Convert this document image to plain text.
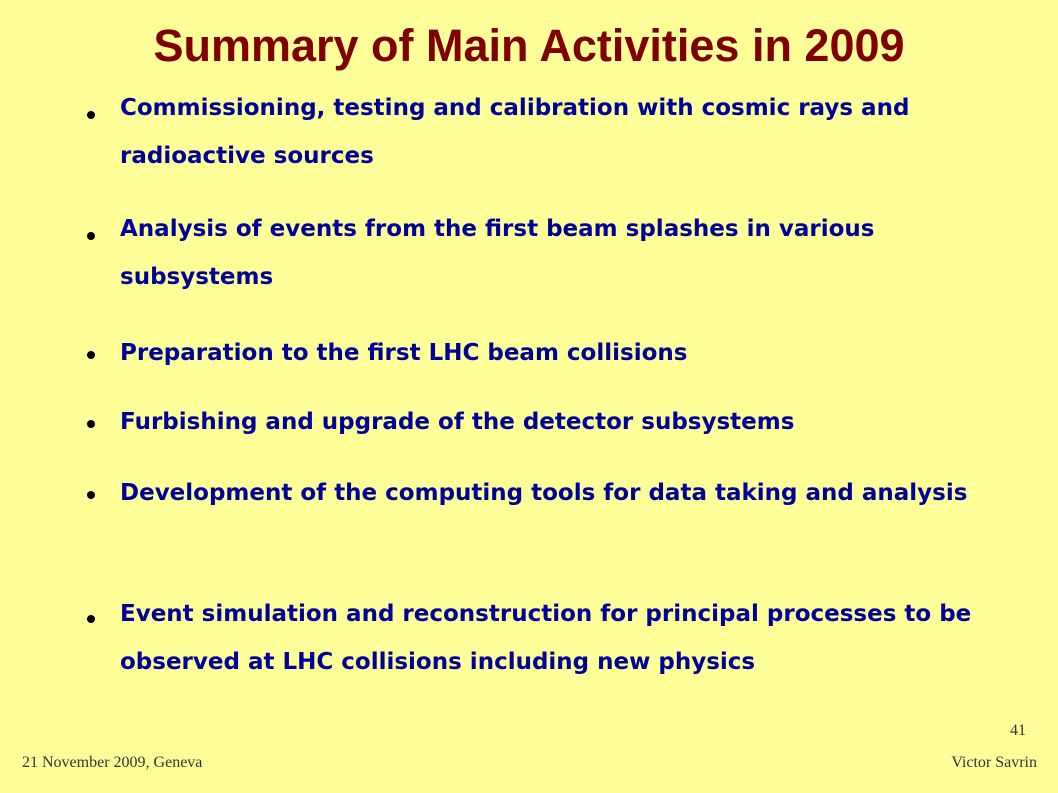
Summary of Main Activities in 2009
Commissioning, testing and calibration with cosmic rays and radioactive sources
Analysis of events from the first beam splashes in various subsystems
Preparation to the first LHC beam collisions
Furbishing and upgrade of the detector subsystems
Development of the computing tools for data taking and analysis
Event simulation and reconstruction for principal processes to be observed at LHC collisions including new physics
41
21 November 2009, Geneva	Victor Savrin
